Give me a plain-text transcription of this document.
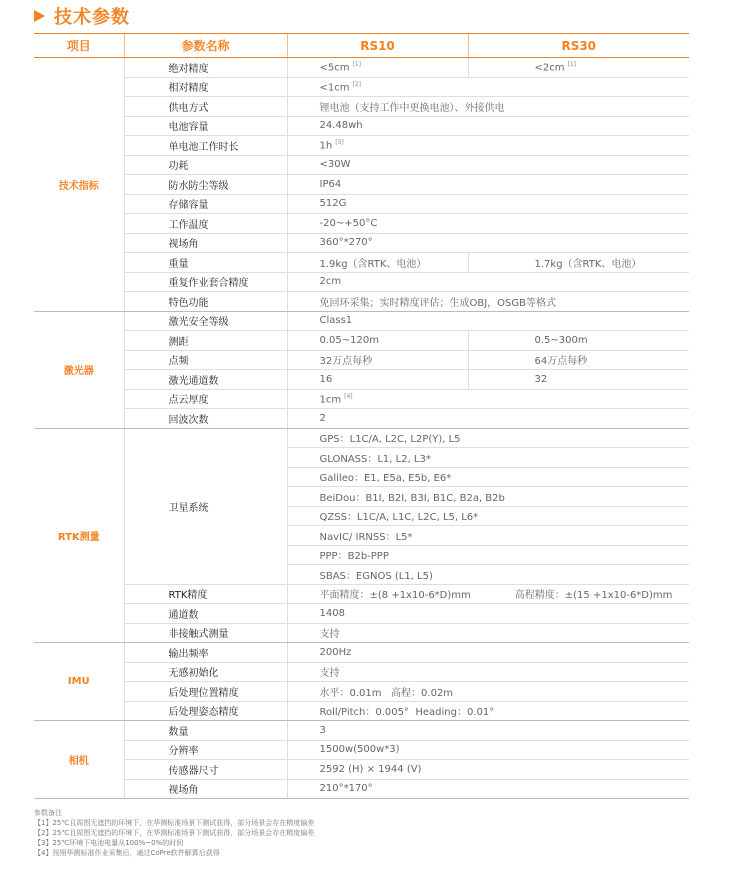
技术参数
项目	参数名称	RS10	RS30
技术指标	绝对精度	<5cm [1]	<2cm [1]
	相对精度	<1cm [2]
	供电方式	锂电池（支持工作中更换电池）、外接供电	
	电池容量	24.48wh	
	单电池工作时长	1h [3]
	功耗	<30W	
	防水防尘等级	IP64	
	存储容量	512G	
	工作温度	-20~+50°C	
	视场角	360°*270°	
	重量	1.9kg（含RTK、电池）	1.7kg（含RTK、电池）
	重复作业套合精度	2cm	
	特色功能	免回环采集；实时精度评估；生成OBJ，OSGB等格式	
激光器	激光安全等级	Class1	
	测距	0.05~120m	0.5~300m
	点频	32万点每秒	64万点每秒
	激光通道数	16	32
	点云厚度	1cm [4]
	回波次数	2	
RTK测量	卫星系统	GPS：L1C/A, L2C, L2P(Y), L5	
		GLONASS：L1, L2, L3*	
		Galileo：E1, E5a, E5b, E6*	
		BeiDou：B1I, B2I, B3I, B1C, B2a, B2b	
		QZSS：L1C/A, L1C, L2C, L5, L6*	
		NavIC/ IRNSS：L5*	
		PPP：B2b-PPP	
		SBAS：EGNOS (L1, L5)	
	RTK精度	平面精度：±(8 +1x10-6*D)mm 高程精度：±(15 +1x10-6*D)mm	
	通道数	1408	
	非接触式测量	支持	
IMU	输出频率	200Hz	
	无感初始化	支持	
	后处理位置精度	水平：0.01m   高程：0.02m	
	后处理姿态精度	Roll/Pitch：0.005°  Heading：0.01°	
相机	数量	3	
	分辨率	1500w(500w*3)	
	传感器尺寸	2592 (H) × 1944 (V)	
	视场角	210°*170°	
参数备注
【1】25℃且周围无遮挡的环境下，在华测标准场景下测试获得，部分场景会存在精度偏差
【2】25℃且周围无遮挡的环境下，在华测标准场景下测试获得，部分场景会存在精度偏差
【3】25℃环境下电池电量从100%~0%的时间
【4】按照华测标准作业采集后，通过CoPre软件解算后获得
